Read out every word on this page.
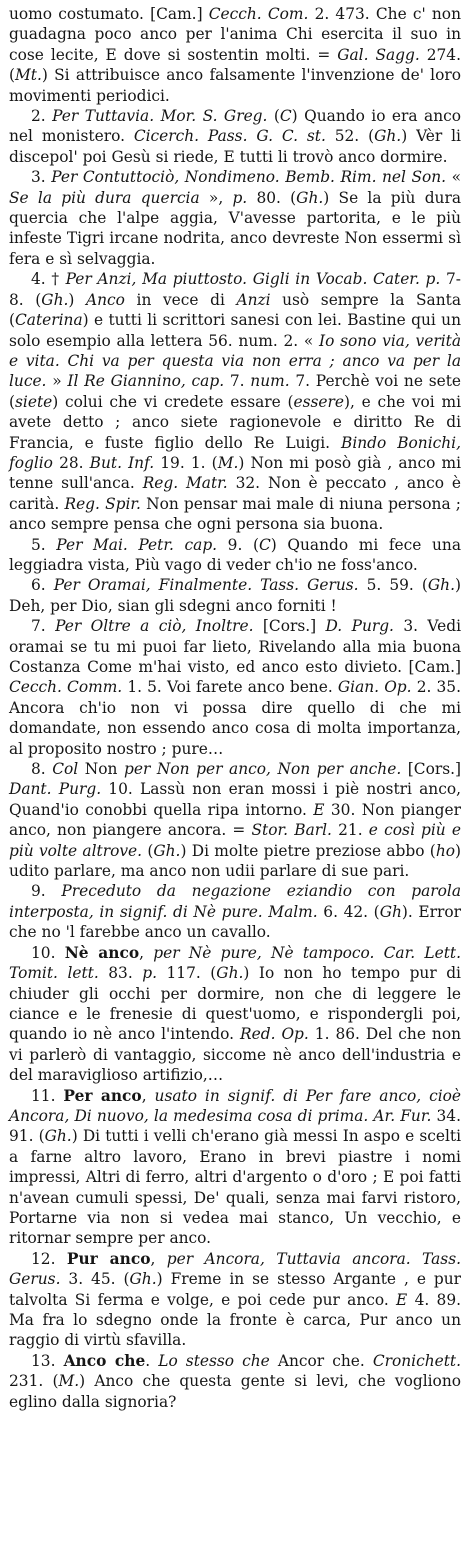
uomo costumato. [Cam.] Cecch. Com. 2. 473. Che c' non guadagna poco anco per l'anima Chi esercita il suo in cose lecite, E dove si sostentin molti. = Gal. Sagg. 274. (Mt.) Si attribuisce anco falsamente l'invenzione de' loro movimenti periodici.

2. Per Tuttavia. Mor. S. Greg. (C) Quando io era anco nel monistero. Cicerch. Pass. G. C. st. 52. (Gh.) Vèr li discepol' poi Gesù si riede, E tutti li trovò anco dormire.

3. Per Contuttociò, Nondimeno. Bemb. Rim. nel Son. « Se la più dura quercia », p. 80. (Gh.) Se la più dura quercia che l'alpe aggia, V'avesse partorita, e le più infeste Tigri ircane nodrita, anco devreste Non essermi sì fera e sì selvaggia.

4. † Per Anzi, Ma piuttosto. Gigli in Vocab. Cater. p. 7-8. (Gh.) Anco in vece di Anzi usò sempre la Santa (Caterina) e tutti li scrittori sanesi con lei. Bastine qui un solo esempio alla lettera 56. num. 2. « Io sono via, verità e vita. Chi va per questa via non erra ; anco va per la luce. » Il Re Giannino, cap. 7. num. 7. Perchè voi ne sete (siete) colui che vi credete essare (essere), e che voi mi avete detto ; anco siete ragionevole e diritto Re di Francia, e fuste figlio dello Re Luigi. Bindo Bonichi, foglio 28. But. Inf. 19. 1. (M.) Non mi posò già , anco mi tenne sull'anca. Reg. Matr. 32. Non è peccato , anco è carità. Reg. Spir. Non pensar mai male di niuna persona ; anco sempre pensa che ogni persona sia buona.

5. Per Mai. Petr. cap. 9. (C) Quando mi fece una leggiadra vista, Più vago di veder ch'io ne foss'anco.

6. Per Oramai, Finalmente. Tass. Gerus. 5. 59. (Gh.) Deh, per Dio, sian gli sdegni anco forniti !

7. Per Oltre a ciò, Inoltre. [Cors.] D. Purg. 3. Vedi oramai se tu mi puoi far lieto, Rivelando alla mia buona Costanza Come m'hai visto, ed anco esto divieto. [Cam.] Cecch. Comm. 1. 5. Voi farete anco bene. Gian. Op. 2. 35. Ancora ch'io non vi possa dire quello di che mi domandate, non essendo anco cosa di molta importanza, al proposito nostro ; pure…

8. Col Non per Non per anco, Non per anche. [Cors.] Dant. Purg. 10. Lassù non eran mossi i piè nostri anco, Quand'io conobbi quella ripa intorno. E 30. Non pianger anco, non piangere ancora. = Stor. Barl. 21. e così più e più volte altrove. (Gh.) Di molte pietre preziose abbo (ho) udito parlare, ma anco non udii parlare di sue pari.

9. Preceduto da negazione eziandio con parola interposta, in signif. di Nè pure. Malm. 6. 42. (Gh). Error che no 'l farebbe anco un cavallo.

10. Nè anco, per Nè pure, Nè tampoco. Car. Lett. Tomit. lett. 83. p. 117. (Gh.) Io non ho tempo pur di chiuder gli occhi per dormire, non che di leggere le ciance e le frenesie di quest'uomo, e rispondergli poi, quando io nè anco l'intendo. Red. Op. 1. 86. Del che non vi parlerò di vantaggio, siccome nè anco dell'industria e del maraviglioso artifizio,…

11. Per anco, usato in signif. di Per fare anco, cioè Ancora, Di nuovo, la medesima cosa di prima. Ar. Fur. 34. 91. (Gh.) Di tutti i velli ch'erano già messi In aspo e scelti a farne altro lavoro, Erano in brevi piastre i nomi impressi, Altri di ferro, altri d'argento o d'oro ; E poi fatti n'avean cumuli spessi, De' quali, senza mai farvi ristoro, Portarne via non si vedea mai stanco, Un vecchio, e ritornar sempre per anco.

12. Pur anco, per Ancora, Tuttavia ancora. Tass. Gerus. 3. 45. (Gh.) Freme in se stesso Argante , e pur talvolta Si ferma e volge, e poi cede pur anco. E 4. 89. Ma fra lo sdegno onde la fronte è carca, Pur anco un raggio di virtù sfavilla.

13. Anco che. Lo stesso che Ancor che. Cronichett. 231. (M.) Anco che questa gente si levi, che vogliono eglino dalla signoria?
